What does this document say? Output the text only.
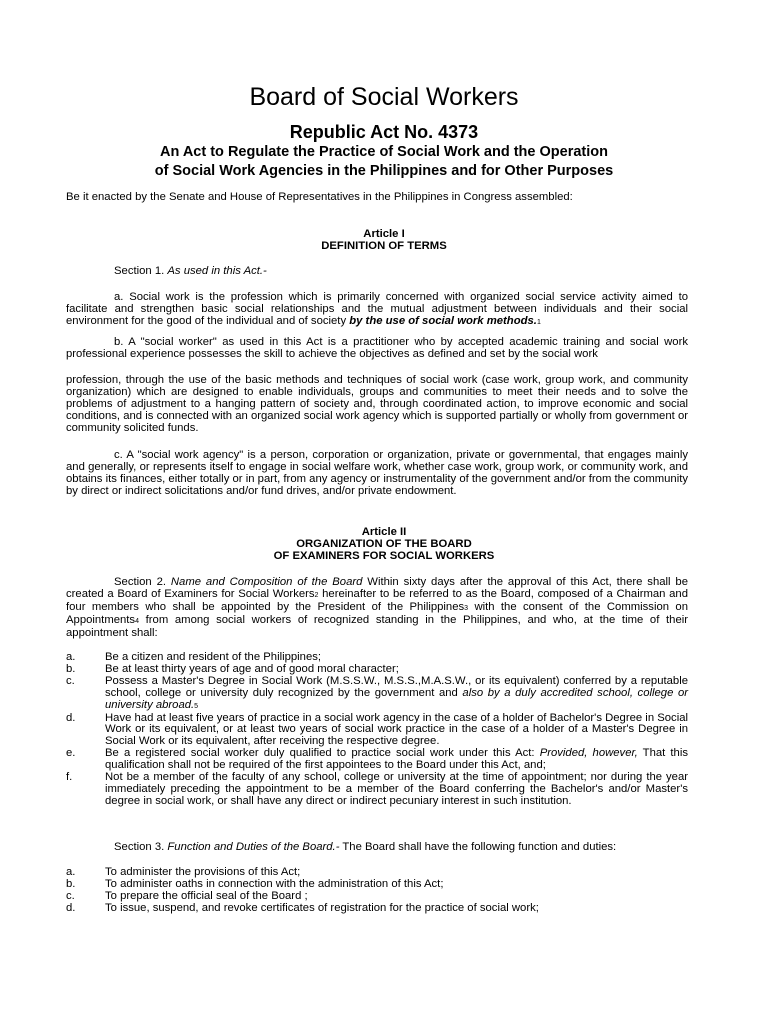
Board of Social Workers
Republic Act No. 4373
An Act to Regulate the Practice of Social Work and the Operation
of Social Work Agencies in the Philippines and for Other Purposes
Be it enacted by the Senate and House of Representatives in the Philippines in Congress assembled:
Article I
DEFINITION OF TERMS
Section 1. As used in this Act.-
a. Social work is the profession which is primarily concerned with organized social service activity aimed to facilitate and strengthen basic social relationships and the mutual adjustment between individuals and their social environment for the good of the individual and of society by the use of social work methods.1
b. A "social worker" as used in this Act is a practitioner who by accepted academic training and social work professional experience possesses the skill to achieve the objectives as defined and set by the social work
profession, through the use of the basic methods and techniques of social work (case work, group work, and community organization) which are designed to enable individuals, groups and communities to meet their needs and to solve the problems of adjustment to a hanging pattern of society and, through coordinated action, to improve economic and social conditions, and is connected with an organized social work agency which is supported partially or wholly from government or community solicited funds.
c. A "social work agency" is a person, corporation or organization, private or governmental, that engages mainly and generally, or represents itself to engage in social welfare work, whether case work, group work, or community work, and obtains its finances, either totally or in part, from any agency or instrumentality of the government and/or from the community by direct or indirect solicitations and/or fund drives, and/or private endowment.
Article II
ORGANIZATION OF THE BOARD
OF EXAMINERS FOR SOCIAL WORKERS
Section 2. Name and Composition of the Board Within sixty days after the approval of this Act, there shall be created a Board of Examiners for Social Workers2 hereinafter to be referred to as the Board, composed of a Chairman and four members who shall be appointed by the President of the Philippines3 with the consent of the Commission on Appointments4 from among social workers of recognized standing in the Philippines, and who, at the time of their appointment shall:
a.	Be a citizen and resident of the Philippines;
b.	Be at least thirty years of age and of good moral character;
c.	Possess a Master's Degree in Social Work (M.S.S.W., M.S.S.,M.A.S.W., or its equivalent) conferred by a reputable school, college or university duly recognized by the government and also by a duly accredited school, college or university abroad.5
d.	Have had at least five years of practice in a social work agency in the case of a holder of Bachelor's Degree in Social Work or its equivalent, or at least two years of social work practice in the case of a holder of a Master's Degree in Social Work or its equivalent, after receiving the respective degree.
e.	Be a registered social worker duly qualified to practice social work under this Act: Provided, however, That this qualification shall not be required of the first appointees to the Board under this Act, and;
f.	Not be a member of the faculty of any school, college or university at the time of appointment; nor during the year immediately preceding the appointment to be a member of the Board conferring the Bachelor's and/or Master's degree in social work, or shall have any direct or indirect pecuniary interest in such institution.
Section 3. Function and Duties of the Board.- The Board shall have the following function and duties:
a.	To administer the provisions of this Act;
b.	To administer oaths in connection with the administration of this Act;
c.	To prepare the official seal of the Board ;
d.	To issue, suspend, and revoke certificates of registration for the practice of social work;
